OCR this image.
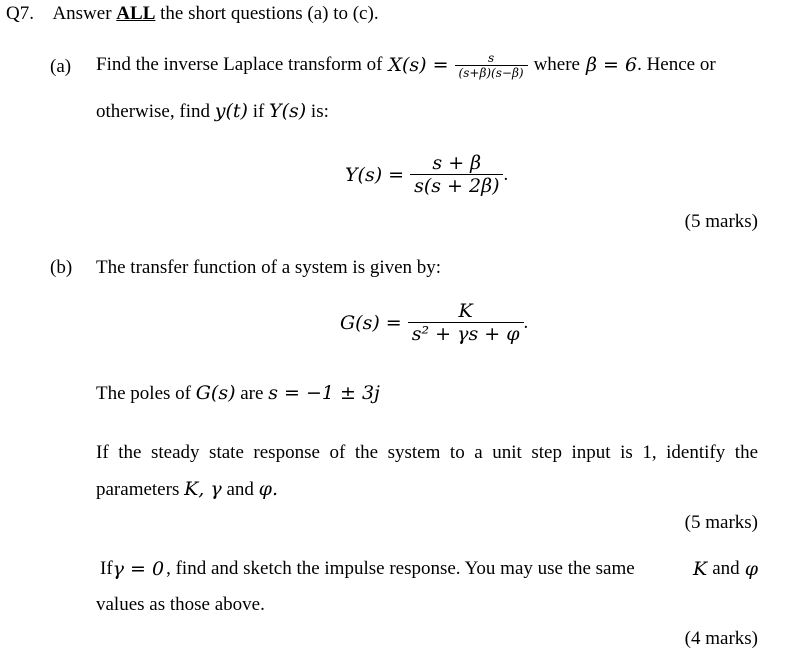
Q7. Answer ALL the short questions (a) to (c).
(a) Find the inverse Laplace transform of $X(s) = \frac{s}{(s+\beta)(s-\beta)}$ where β = 6 . Hence or
otherwise, find y(t) if Y(s) is:
$Y(s) = \frac{s + \beta}{s(s + 2\beta)}$ .
(5 marks)
(b) The transfer function of a system is given by:
$G(s) = \frac{K}{\text{s² + γs + φ}}$ .
The poles of G(s) are s = −1 ± 3j
If the steady state response of the system to a unit step input is 1, identify the
parameters K, γ and φ.
(5 marks)
If γ = 0 , find and sketch the impulse response. You may use the same	K and φ
values as those above.
(4 marks)
